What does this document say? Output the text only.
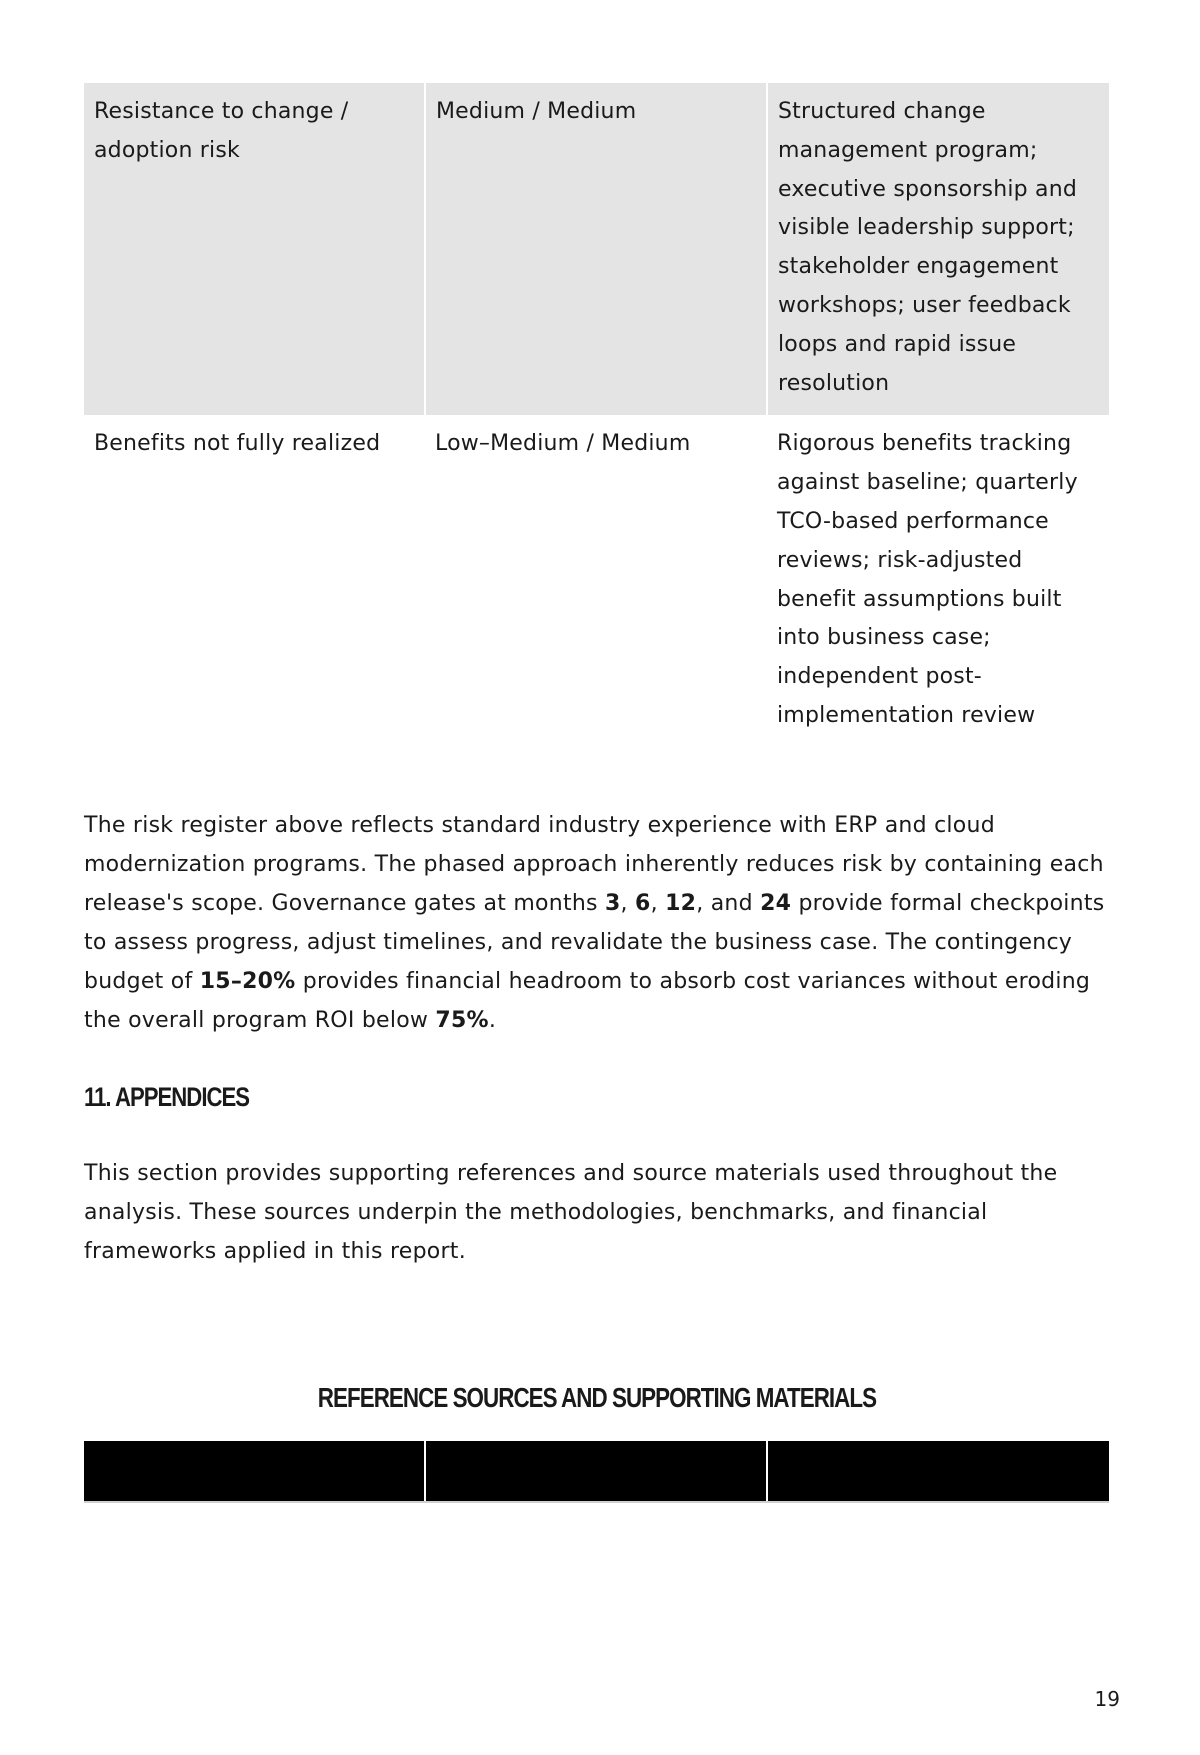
Resistance to change / adoption risk	Medium / Medium	Structured change management program; executive sponsorship and visible leadership support; stakeholder engagement workshops; user feedback loops and rapid issue resolution
Benefits not fully realized	Low–Medium / Medium	Rigorous benefits tracking against baseline; quarterly TCO-based performance reviews; risk-adjusted benefit assumptions built into business case; independent post-implementation review

The risk register above reflects standard industry experience with ERP and cloud modernization programs. The phased approach inherently reduces risk by containing each release's scope. Governance gates at months 3, 6, 12, and 24 provide formal checkpoints to assess progress, adjust timelines, and revalidate the business case. The contingency budget of 15–20% provides financial headroom to absorb cost variances without eroding the overall program ROI below 75%.

11. APPENDICES

This section provides supporting references and source materials used throughout the analysis. These sources underpin the methodologies, benchmarks, and financial frameworks applied in this report.

REFERENCE SOURCES AND SUPPORTING MATERIALS

19
